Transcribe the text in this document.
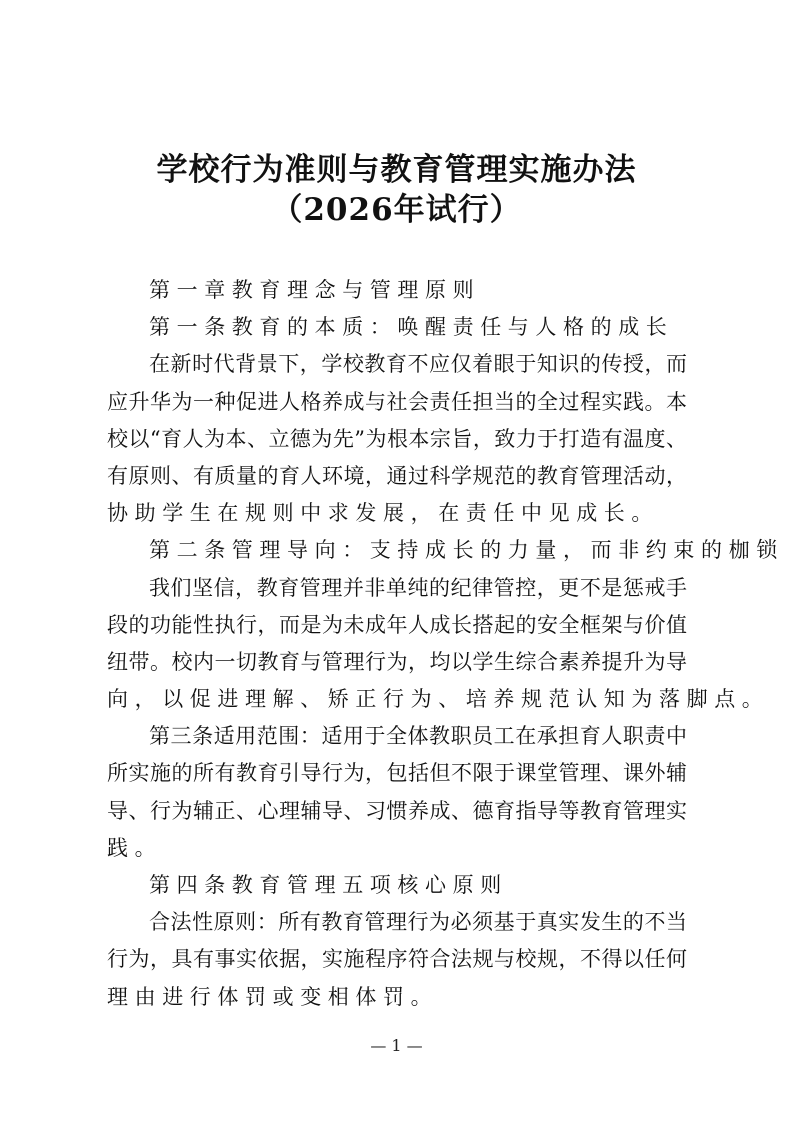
学校行为准则与教育管理实施办法
（2026年试行）
第一章教育理念与管理原则
第一条教育的本质：唤醒责任与人格的成长
在新时代背景下，学校教育不应仅着眼于知识的传授，而
应升华为一种促进人格养成与社会责任担当的全过程实践。本
校以“育人为本、立德为先”为根本宗旨，致力于打造有温度、
有原则、有质量的育人环境，通过科学规范的教育管理活动，
协助学生在规则中求发展，在责任中见成长。
第二条管理导向：支持成长的力量，而非约束的枷锁
我们坚信，教育管理并非单纯的纪律管控，更不是惩戒手
段的功能性执行，而是为未成年人成长搭起的安全框架与价值
纽带。校内一切教育与管理行为，均以学生综合素养提升为导
向，以促进理解、矫正行为、培养规范认知为落脚点。
第三条适用范围：适用于全体教职员工在承担育人职责中
所实施的所有教育引导行为，包括但不限于课堂管理、课外辅
导、行为辅正、心理辅导、习惯养成、德育指导等教育管理实
践。
第四条教育管理五项核心原则
合法性原则：所有教育管理行为必须基于真实发生的不当
行为，具有事实依据，实施程序符合法规与校规，不得以任何
理由进行体罚或变相体罚。
— 1 —
